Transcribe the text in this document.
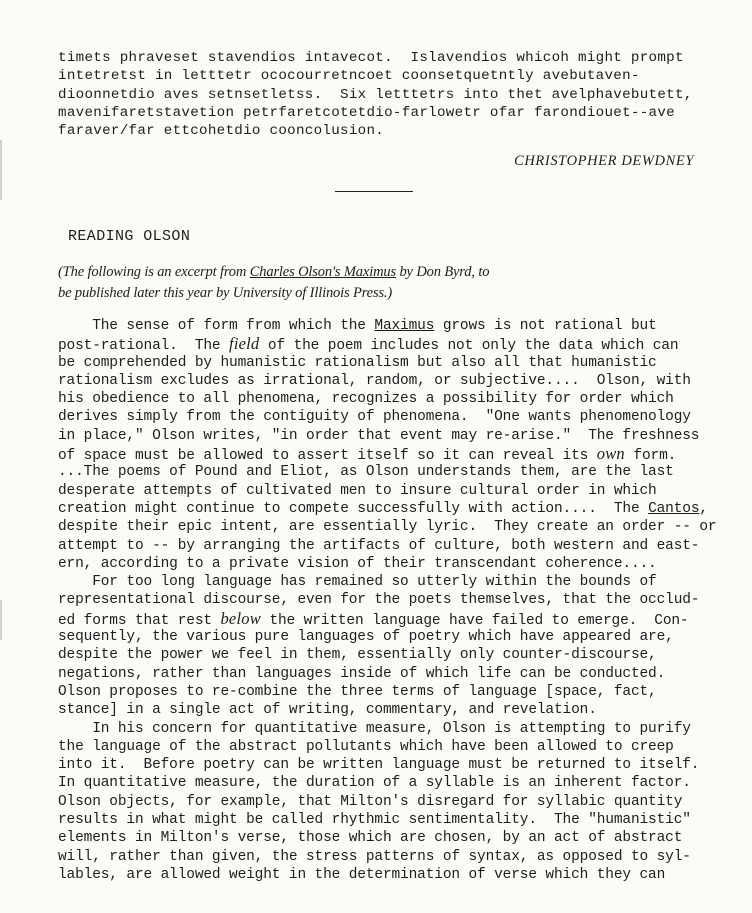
timets phraveset stavendios intavecot.  Islavendios whicoh might prompt
intetretst in letttetr ococourretncoet coonsetquetntly avebutaven-
dioonnetdio aves setnsetletss.  Six letttetrs into thet avelphavebutett,
mavenifaretstavetion petrfaretcotetdio-farlowetr ofar farondiouet--ave
faraver/far ettcohetdio cooncolusion.

CHRISTOPHER DEWDNEY

READING OLSON
(The following is an excerpt from Charles Olson's Maximus by Don Byrd, to
be published later this year by University of Illinois Press.)
The sense of form from which the Maximus grows is not rational but
post-rational.  The field of the poem includes not only the data which can
be comprehended by humanistic rationalism but also all that humanistic
rationalism excludes as irrational, random, or subjective....  Olson, with
his obedience to all phenomena, recognizes a possibility for order which
derives simply from the contiguity of phenomena.  "One wants phenomenology
in place," Olson writes, "in order that event may re-arise."  The freshness
of space must be allowed to assert itself so it can reveal its own form.
...The poems of Pound and Eliot, as Olson understands them, are the last
desperate attempts of cultivated men to insure cultural order in which
creation might continue to compete successfully with action....  The Cantos,
despite their epic intent, are essentially lyric.  They create an order -- or
attempt to -- by arranging the artifacts of culture, both western and east-
ern, according to a private vision of their transcendant coherence....
For too long language has remained so utterly within the bounds of
representational discourse, even for the poets themselves, that the occlud-
ed forms that rest below the written language have failed to emerge.  Con-
sequently, the various pure languages of poetry which have appeared are,
despite the power we feel in them, essentially only counter-discourse,
negations, rather than languages inside of which life can be conducted.
Olson proposes to re-combine the three terms of language [space, fact,
stance] in a single act of writing, commentary, and revelation.
In his concern for quantitative measure, Olson is attempting to purify
the language of the abstract pollutants which have been allowed to creep
into it.  Before poetry can be written language must be returned to itself.
In quantitative measure, the duration of a syllable is an inherent factor.
Olson objects, for example, that Milton's disregard for syllabic quantity
results in what might be called rhythmic sentimentality.  The "humanistic"
elements in Milton's verse, those which are chosen, by an act of abstract
will, rather than given, the stress patterns of syntax, as opposed to syl-
lables, are allowed weight in the determination of verse which they can
